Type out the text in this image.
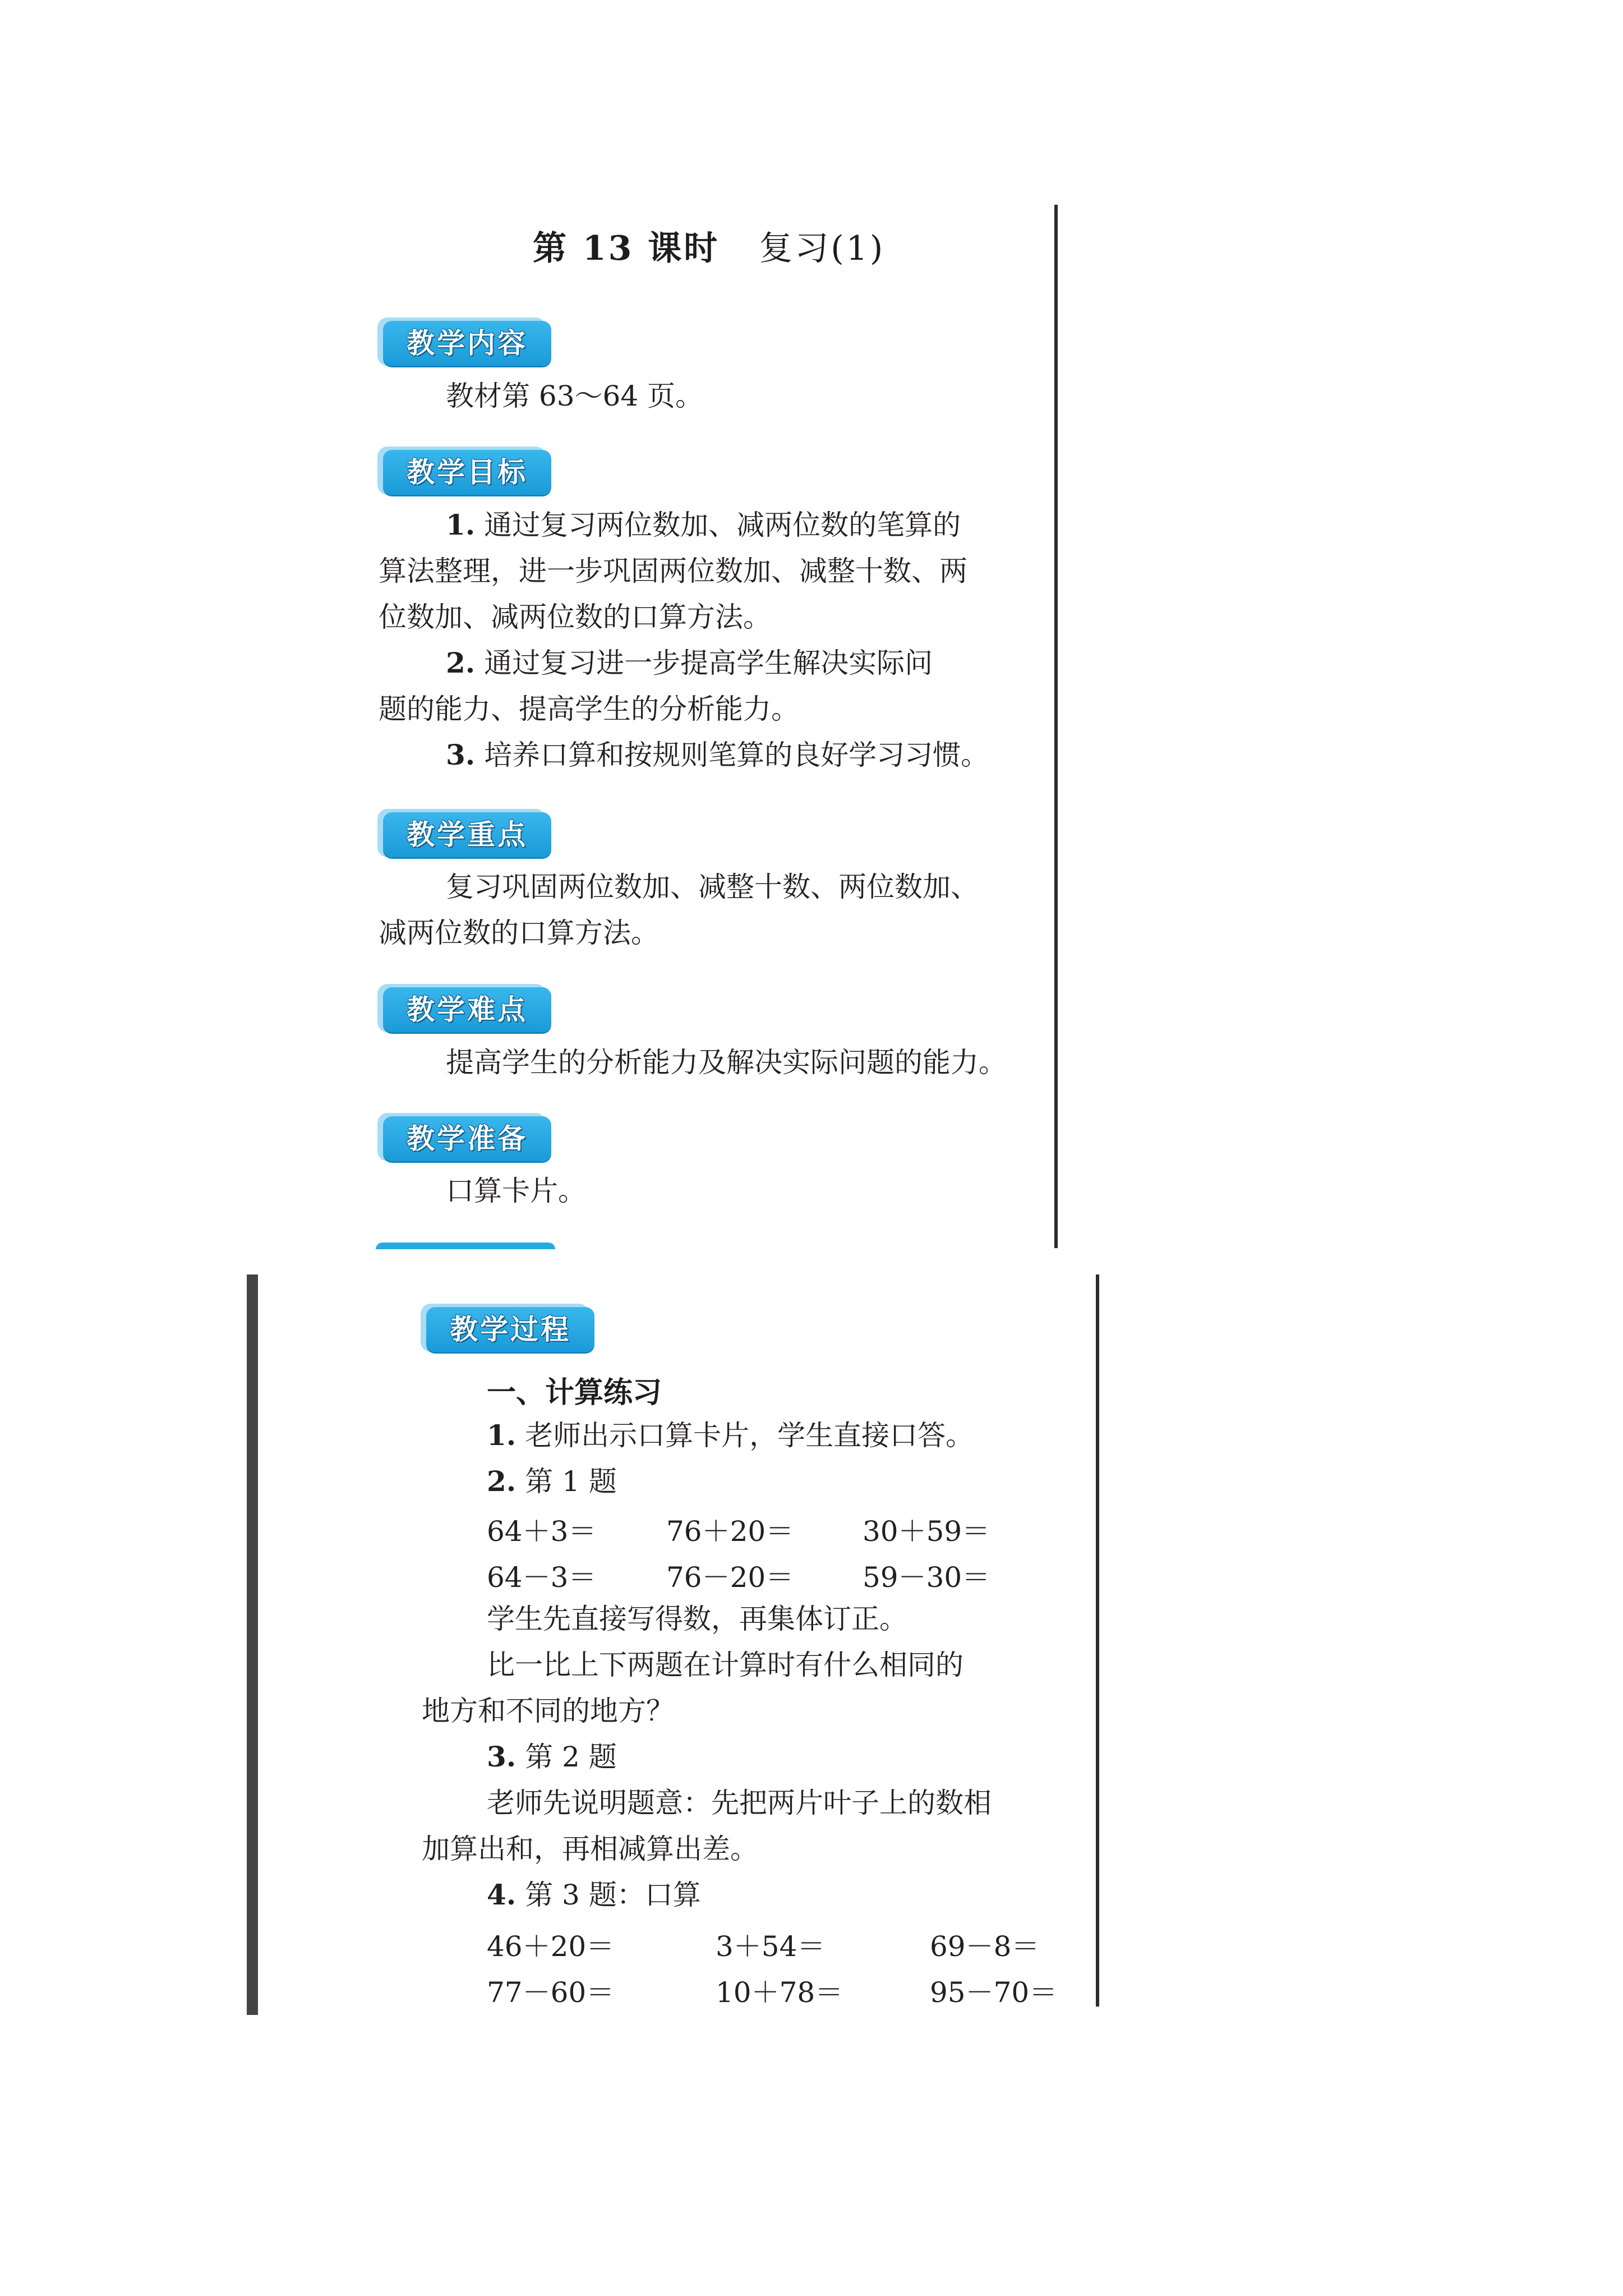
第 13 课时 复习(1)
教学内容
教材第 63～64 页。
教学目标
1. 通过复习两位数加、减两位数的笔算的
算法整理，进一步巩固两位数加、减整十数、两
位数加、减两位数的口算方法。
2. 通过复习进一步提高学生解决实际问
题的能力、提高学生的分析能力。
3. 培养口算和按规则笔算的良好学习习惯。
教学重点
复习巩固两位数加、减整十数、两位数加、
减两位数的口算方法。
教学难点
提高学生的分析能力及解决实际问题的能力。
教学准备
口算卡片。
教学过程
一、计算练习
1. 老师出示口算卡片，学生直接口答。
2. 第 1 题
64＋3＝ 76＋20＝ 30＋59＝
64－3＝ 76－20＝ 59－30＝
学生先直接写得数，再集体订正。
比一比上下两题在计算时有什么相同的
地方和不同的地方？
3. 第 2 题
老师先说明题意：先把两片叶子上的数相
加算出和，再相减算出差。
4. 第 3 题：口算
46＋20＝	3＋54＝	69－8＝
77－60＝	10＋78＝	95－70＝
